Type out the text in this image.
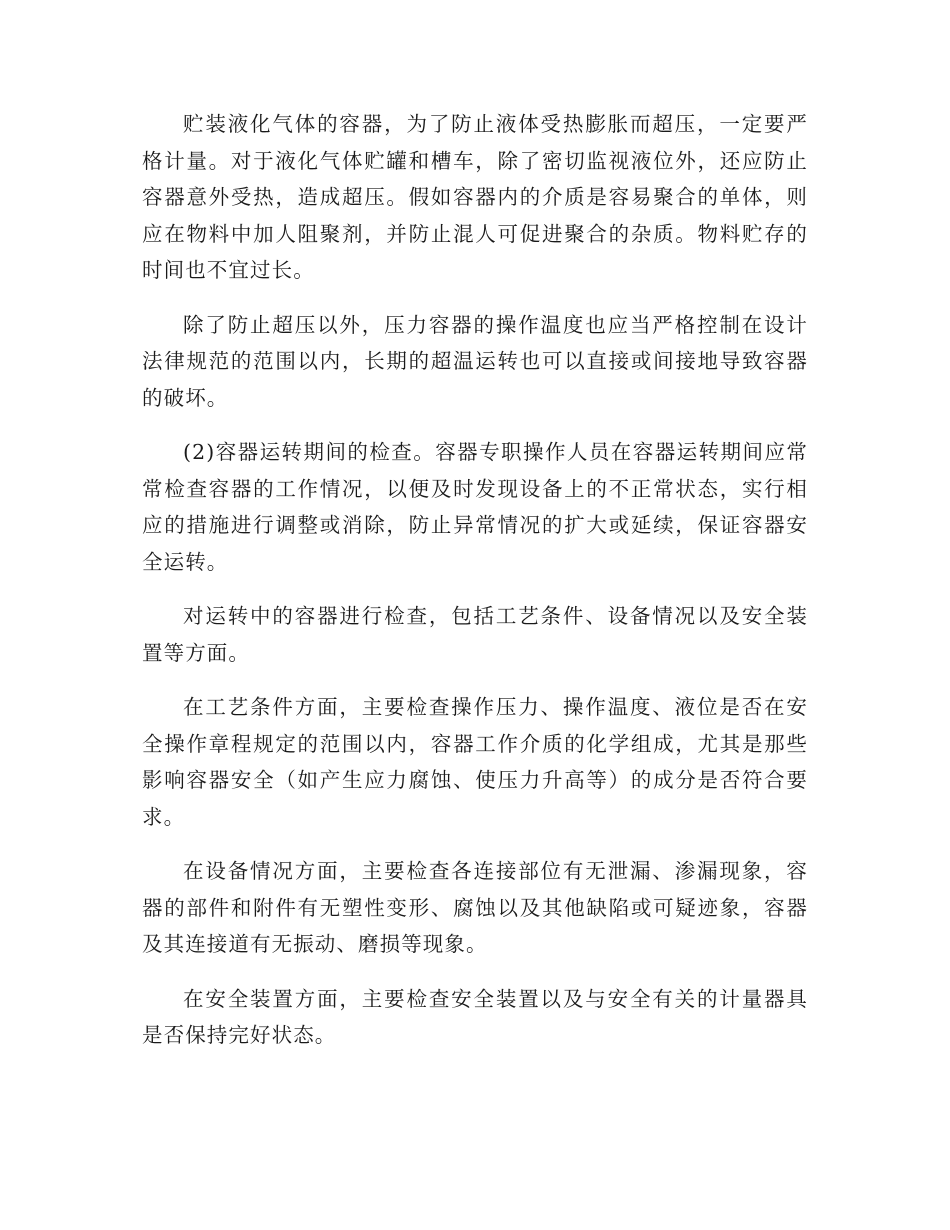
贮装液化气体的容器，为了防止液体受热膨胀而超压，一定要严格计量。对于液化气体贮罐和槽车，除了密切监视液位外，还应防止容器意外受热，造成超压。假如容器内的介质是容易聚合的单体，则应在物料中加人阻聚剂，并防止混人可促进聚合的杂质。物料贮存的时间也不宜过长。

除了防止超压以外，压力容器的操作温度也应当严格控制在设计法律规范的范围以内，长期的超温运转也可以直接或间接地导致容器的破坏。

(2)容器运转期间的检查。容器专职操作人员在容器运转期间应常常检查容器的工作情况，以便及时发现设备上的不正常状态，实行相应的措施进行调整或消除，防止异常情况的扩大或延续，保证容器安全运转。

对运转中的容器进行检查，包括工艺条件、设备情况以及安全装置等方面。

在工艺条件方面，主要检查操作压力、操作温度、液位是否在安全操作章程规定的范围以内，容器工作介质的化学组成，尤其是那些影响容器安全（如产生应力腐蚀、使压力升高等）的成分是否符合要求。

在设备情况方面，主要检查各连接部位有无泄漏、渗漏现象，容器的部件和附件有无塑性变形、腐蚀以及其他缺陷或可疑迹象，容器及其连接道有无振动、磨损等现象。

在安全装置方面，主要检查安全装置以及与安全有关的计量器具是否保持完好状态。
